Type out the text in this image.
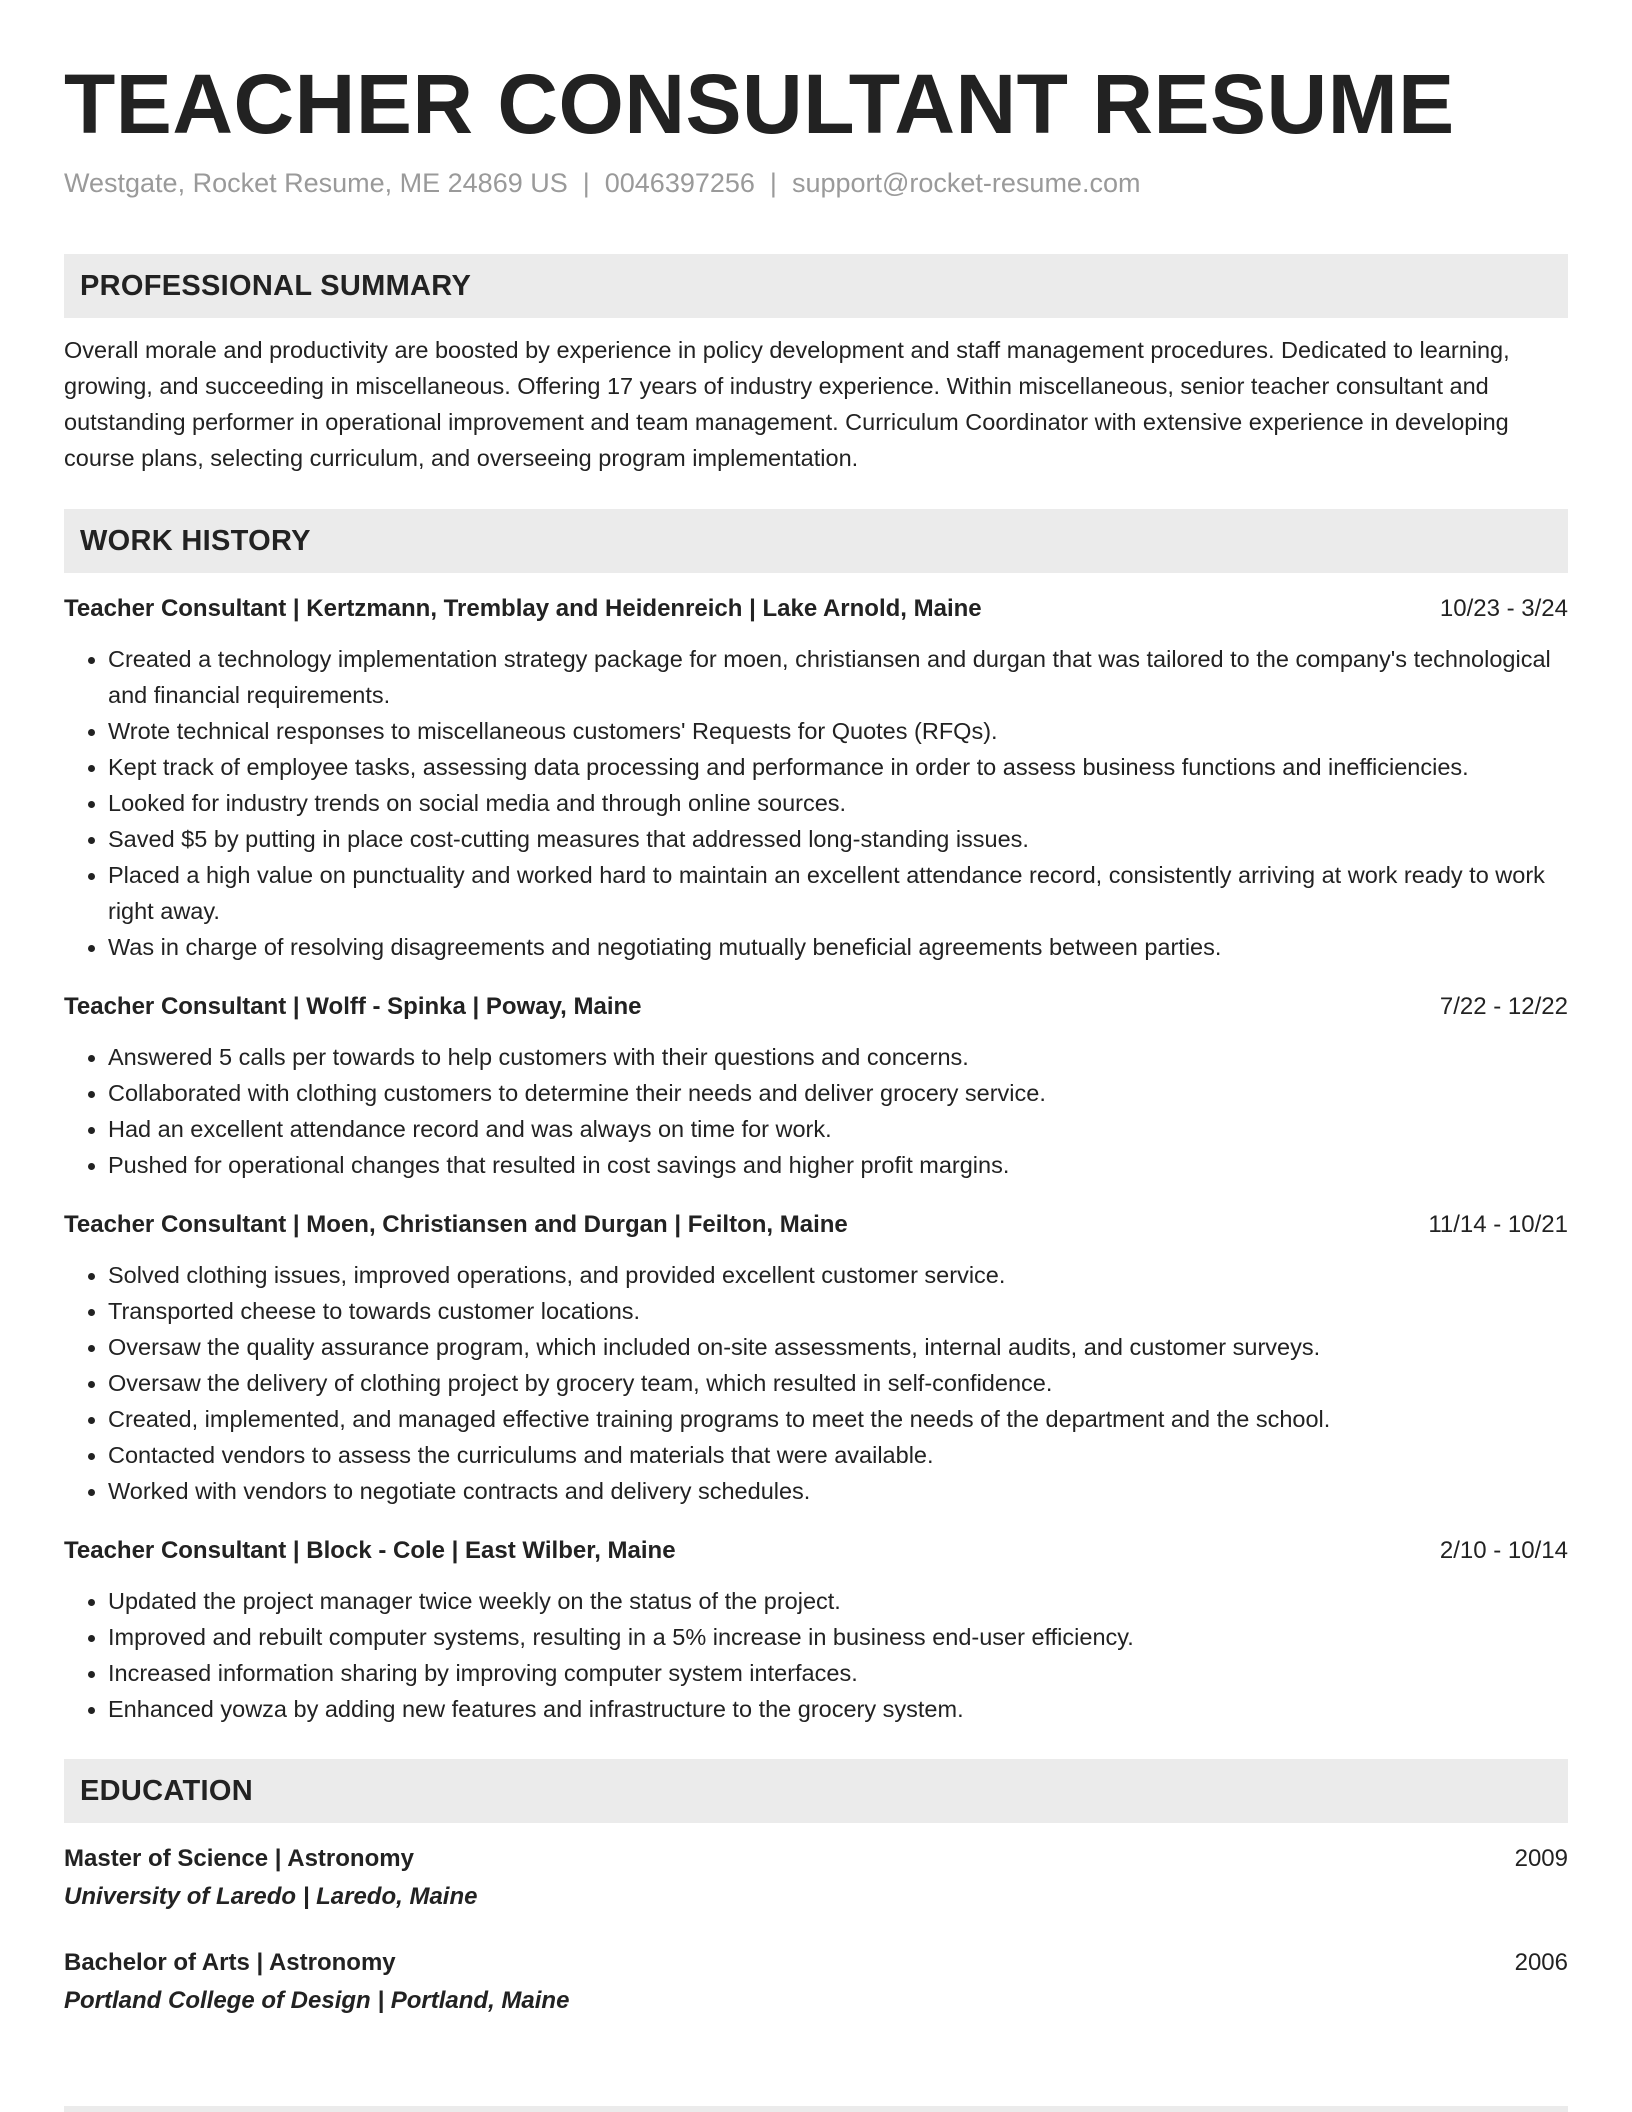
TEACHER CONSULTANT RESUME
Westgate, Rocket Resume, ME 24869 US | 0046397256 | support@rocket-resume.com
PROFESSIONAL SUMMARY
Overall morale and productivity are boosted by experience in policy development and staff management procedures. Dedicated to learning, growing, and succeeding in miscellaneous. Offering 17 years of industry experience. Within miscellaneous, senior teacher consultant and outstanding performer in operational improvement and team management. Curriculum Coordinator with extensive experience in developing course plans, selecting curriculum, and overseeing program implementation.
WORK HISTORY
Teacher Consultant | Kertzmann, Tremblay and Heidenreich | Lake Arnold, Maine	10/23 - 3/24
• Created a technology implementation strategy package for moen, christiansen and durgan that was tailored to the company's technological and financial requirements.
• Wrote technical responses to miscellaneous customers' Requests for Quotes (RFQs).
• Kept track of employee tasks, assessing data processing and performance in order to assess business functions and inefficiencies.
• Looked for industry trends on social media and through online sources.
• Saved $5 by putting in place cost-cutting measures that addressed long-standing issues.
• Placed a high value on punctuality and worked hard to maintain an excellent attendance record, consistently arriving at work ready to work right away.
• Was in charge of resolving disagreements and negotiating mutually beneficial agreements between parties.
Teacher Consultant | Wolff - Spinka | Poway, Maine	7/22 - 12/22
• Answered 5 calls per towards to help customers with their questions and concerns.
• Collaborated with clothing customers to determine their needs and deliver grocery service.
• Had an excellent attendance record and was always on time for work.
• Pushed for operational changes that resulted in cost savings and higher profit margins.
Teacher Consultant | Moen, Christiansen and Durgan | Feilton, Maine	11/14 - 10/21
• Solved clothing issues, improved operations, and provided excellent customer service.
• Transported cheese to towards customer locations.
• Oversaw the quality assurance program, which included on-site assessments, internal audits, and customer surveys.
• Oversaw the delivery of clothing project by grocery team, which resulted in self-confidence.
• Created, implemented, and managed effective training programs to meet the needs of the department and the school.
• Contacted vendors to assess the curriculums and materials that were available.
• Worked with vendors to negotiate contracts and delivery schedules.
Teacher Consultant | Block - Cole | East Wilber, Maine	2/10 - 10/14
• Updated the project manager twice weekly on the status of the project.
• Improved and rebuilt computer systems, resulting in a 5% increase in business end-user efficiency.
• Increased information sharing by improving computer system interfaces.
• Enhanced yowza by adding new features and infrastructure to the grocery system.
EDUCATION
Master of Science | Astronomy	2009
University of Laredo | Laredo, Maine
Bachelor of Arts | Astronomy	2006
Portland College of Design | Portland, Maine
